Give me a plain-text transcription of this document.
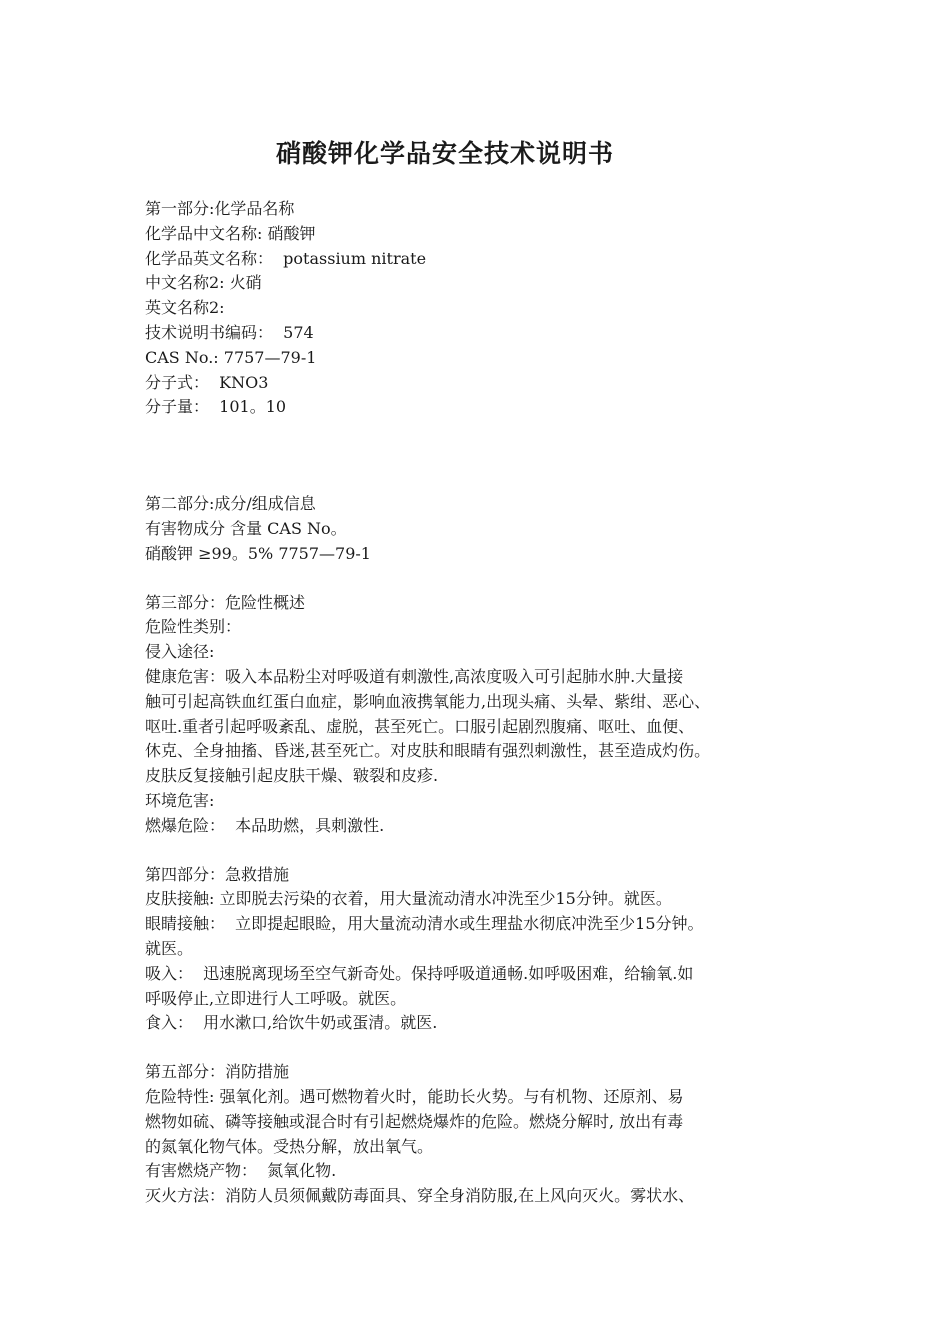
硝酸钾化学品安全技术说明书

第一部分:化学品名称

化学品中文名称: 硝酸钾

化学品英文名称：  potassium nitrate

中文名称2: 火硝

英文名称2:

技术说明书编码：  574

CAS No.: 7757—79-1

分子式：  KNO3

分子量：  101。10

第二部分:成分/组成信息

有害物成分 含量 CAS No。

硝酸钾 ≥99。5% 7757—79-1

第三部分：危险性概述

危险性类别：

侵入途径:

健康危害：吸入本品粉尘对呼吸道有刺激性,高浓度吸入可引起肺水肿.大量接

触可引起高铁血红蛋白血症，影响血液携氧能力,出现头痛、头晕、紫绀、恶心、

呕吐.重者引起呼吸紊乱、虚脱，甚至死亡。口服引起剧烈腹痛、呕吐、血便、

休克、全身抽搐、昏迷,甚至死亡。对皮肤和眼睛有强烈刺激性，甚至造成灼伤。

皮肤反复接触引起皮肤干燥、皲裂和皮疹.

环境危害:

燃爆危险：  本品助燃，具刺激性.

第四部分：急救措施

皮肤接触: 立即脱去污染的衣着，用大量流动清水冲洗至少15分钟。就医。

眼睛接触：  立即提起眼睑，用大量流动清水或生理盐水彻底冲洗至少15分钟。

就医。

吸入：  迅速脱离现场至空气新奇处。保持呼吸道通畅.如呼吸困难，给输氧.如

呼吸停止,立即进行人工呼吸。就医。

食入：  用水漱口,给饮牛奶或蛋清。就医.

第五部分：消防措施

危险特性: 强氧化剂。遇可燃物着火时，能助长火势。与有机物、还原剂、易

燃物如硫、磷等接触或混合时有引起燃烧爆炸的危险。燃烧分解时, 放出有毒

的氮氧化物气体。受热分解，放出氧气。

有害燃烧产物：  氮氧化物.

灭火方法：消防人员须佩戴防毒面具、穿全身消防服,在上风向灭火。雾状水、
